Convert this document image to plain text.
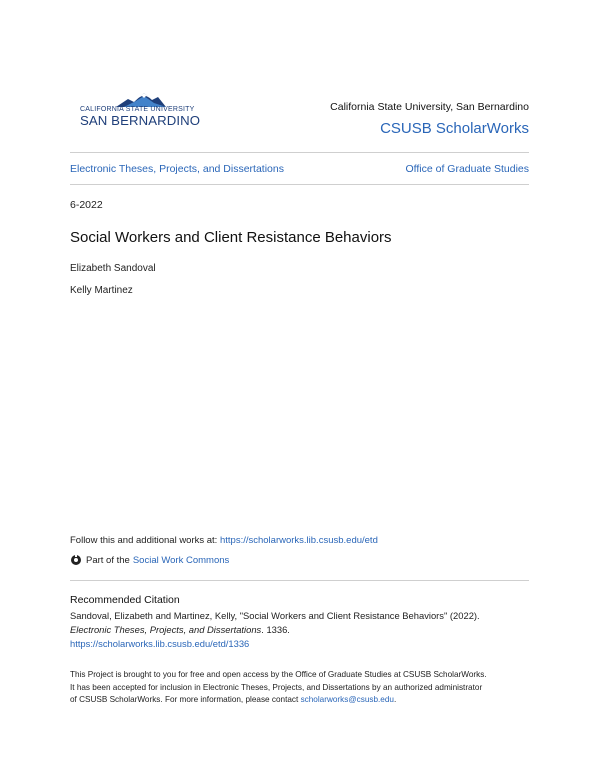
CALIFORNIA STATE UNIVERSITY
SAN BERNARDINO
California State University, San Bernardino
CSUSB ScholarWorks
Electronic Theses, Projects, and Dissertations	Office of Graduate Studies
6-2022
Social Workers and Client Resistance Behaviors
Elizabeth Sandoval
Kelly Martinez
Follow this and additional works at: https://scholarworks.lib.csusb.edu/etd
Part of the Social Work Commons
Recommended Citation
Sandoval, Elizabeth and Martinez, Kelly, "Social Workers and Client Resistance Behaviors" (2022).
Electronic Theses, Projects, and Dissertations. 1336.
https://scholarworks.lib.csusb.edu/etd/1336
This Project is brought to you for free and open access by the Office of Graduate Studies at CSUSB ScholarWorks.
It has been accepted for inclusion in Electronic Theses, Projects, and Dissertations by an authorized administrator
of CSUSB ScholarWorks. For more information, please contact scholarworks@csusb.edu.
